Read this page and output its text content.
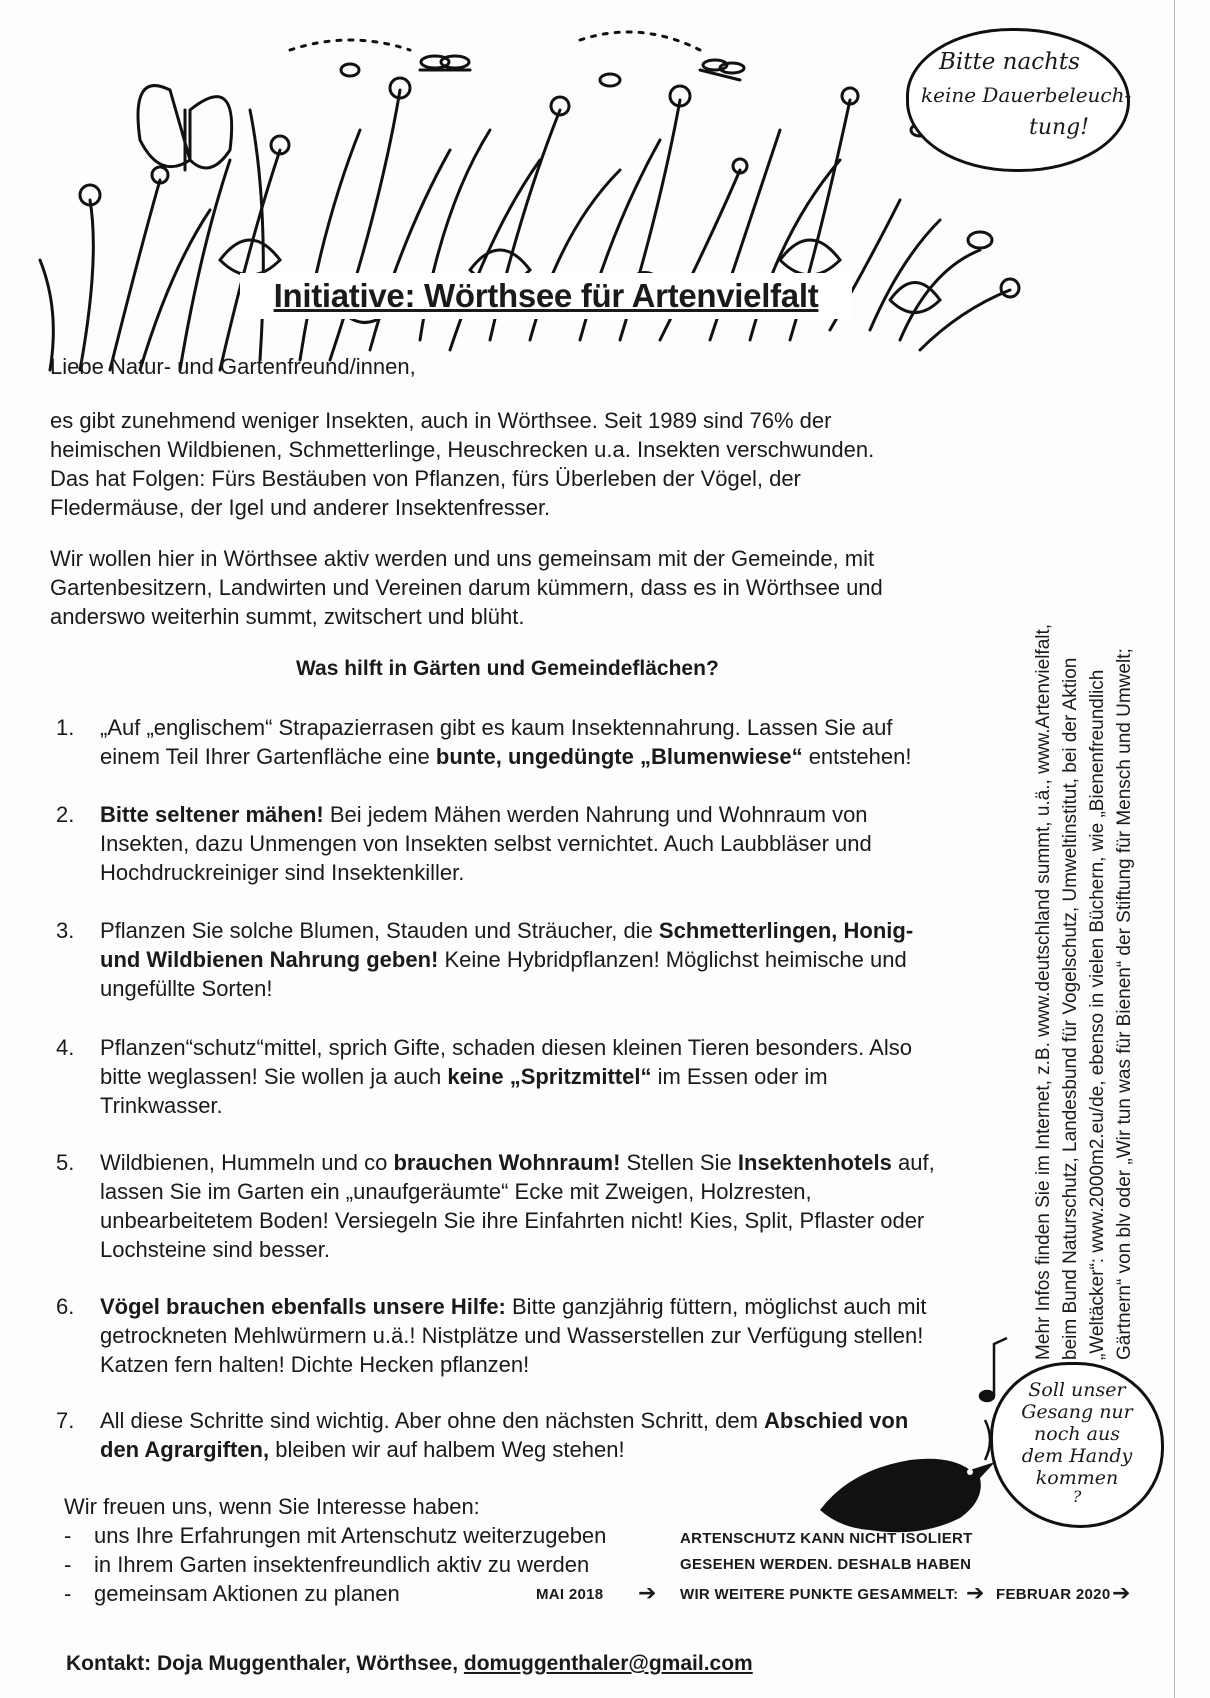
Initiative: Wörthsee für Artenvielfalt
Bitte nachts
keine Dauerbeleuch-
tung!
Liebe Natur- und Gartenfreund/innen,
es gibt zunehmend weniger Insekten, auch in Wörthsee. Seit 1989 sind 76% der
heimischen Wildbienen, Schmetterlinge, Heuschrecken u.a. Insekten verschwunden.
Das hat Folgen: Fürs Bestäuben von Pflanzen, fürs Überleben der Vögel, der
Fledermäuse, der Igel und anderer Insektenfresser.
Wir wollen hier in Wörthsee aktiv werden und uns gemeinsam mit der Gemeinde, mit
Gartenbesitzern, Landwirten und Vereinen darum kümmern, dass es in Wörthsee und
anderswo weiterhin summt, zwitschert und blüht.
Was hilft in Gärten und Gemeindeflächen?
1. „Auf „englischem“ Strapazierrasen gibt es kaum Insektennahrung. Lassen Sie auf
einem Teil Ihrer Gartenfläche eine bunte, ungedüngte „Blumenwiese“ entstehen!
2. Bitte seltener mähen! Bei jedem Mähen werden Nahrung und Wohnraum von
Insekten, dazu Unmengen von Insekten selbst vernichtet. Auch Laubbläser und
Hochdruckreiniger sind Insektenkiller.
3. Pflanzen Sie solche Blumen, Stauden und Sträucher, die Schmetterlingen, Honig-
und Wildbienen Nahrung geben! Keine Hybridpflanzen! Möglichst heimische und
ungefüllte Sorten!
4. Pflanzen“schutz“mittel, sprich Gifte, schaden diesen kleinen Tieren besonders. Also
bitte weglassen! Sie wollen ja auch keine „Spritzmittel“ im Essen oder im
Trinkwasser.
5. Wildbienen, Hummeln und co brauchen Wohnraum! Stellen Sie Insektenhotels auf,
lassen Sie im Garten ein „unaufgeräumte“ Ecke mit Zweigen, Holzresten,
unbearbeitetem Boden! Versiegeln Sie ihre Einfahrten nicht! Kies, Split, Pflaster oder
Lochsteine sind besser.
6. Vögel brauchen ebenfalls unsere Hilfe: Bitte ganzjährig füttern, möglichst auch mit
getrockneten Mehlwürmern u.ä.! Nistplätze und Wasserstellen zur Verfügung stellen!
Katzen fern halten! Dichte Hecken pflanzen!
7. All diese Schritte sind wichtig. Aber ohne den nächsten Schritt, dem Abschied von
den Agrargiften, bleiben wir auf halbem Weg stehen!
Wir freuen uns, wenn Sie Interesse haben:
- uns Ihre Erfahrungen mit Artenschutz weiterzugeben
- in Ihrem Garten insektenfreundlich aktiv zu werden
- gemeinsam Aktionen zu planen
Soll unser
Gesang nur
noch aus
dem Handy
kommen
?
ARTENSCHUTZ KANN NICHT ISOLIERT
GESEHEN WERDEN. DESHALB HABEN
MAI 2018 ➔ WIR WEITERE PUNKTE GESAMMELT: ➔ FEBRUAR 2020 ➔
Mehr Infos finden Sie im Internet, z.B. www.deutschland summt, u.ä., www.Artenvielfalt, beim Bund Naturschutz, Landesbund für Vogelschutz, Umweltinstitut, bei der Aktion „Weltäcker“: www.2000m2.eu/de, ebenso in vielen Büchern, wie „Bienenfreundlich Gärtnern“ von blv oder „Wir tun was für Bienen“ der Stiftung für Mensch und Umwelt;
Kontakt: Doja Muggenthaler, Wörthsee, domuggenthaler@gmail.com
